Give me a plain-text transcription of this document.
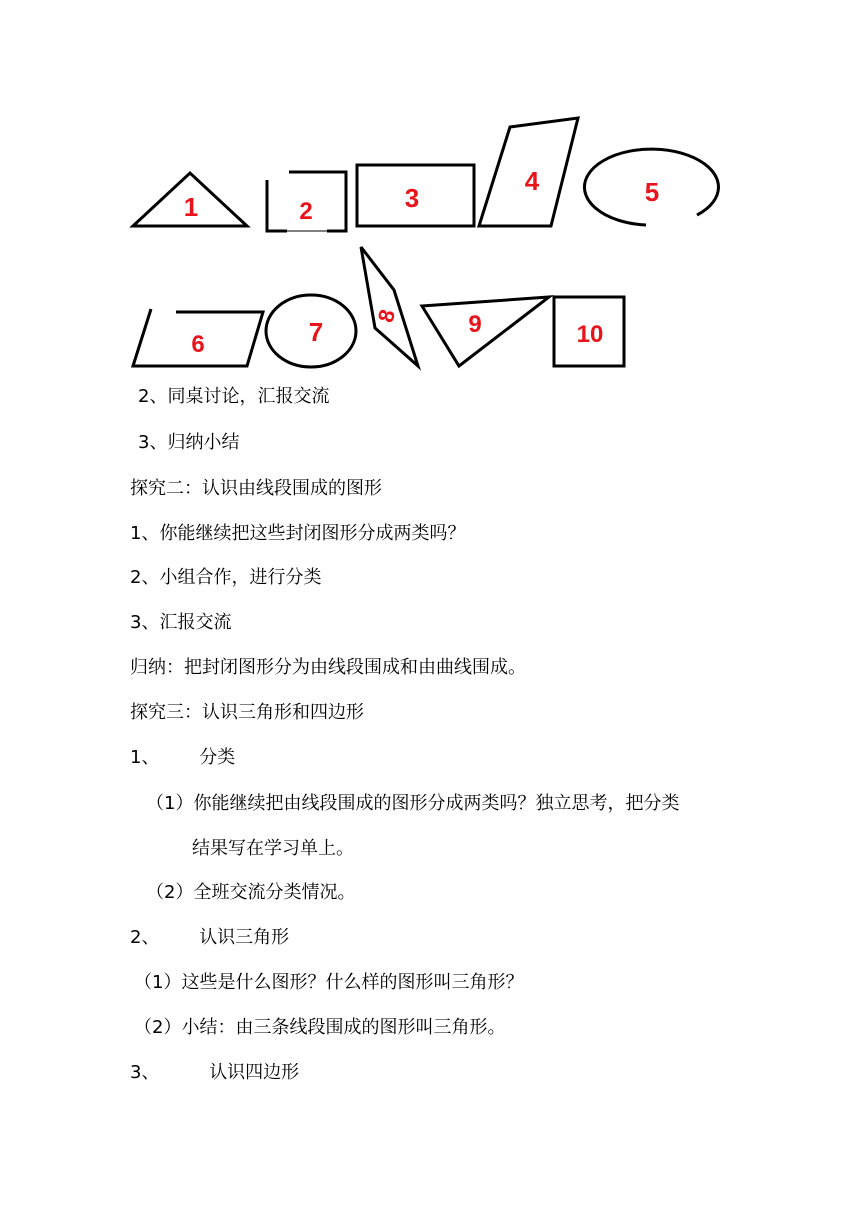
1	2	3
4	5
6	7
8	9	10
2、同桌讨论，汇报交流
3、归纳小结
探究二：认识由线段围成的图形
1、你能继续把这些封闭图形分成两类吗？
2、小组合作，进行分类
3、汇报交流
归纳：把封闭图形分为由线段围成和由曲线围成。
探究三：认识三角形和四边形
1、 分类
（1）你能继续把由线段围成的图形分成两类吗？独立思考，把分类
结果写在学习单上。
（2）全班交流分类情况。
2、 认识三角形
（1）这些是什么图形？什么样的图形叫三角形？
（2）小结：由三条线段围成的图形叫三角形。
3、	认识四边形
